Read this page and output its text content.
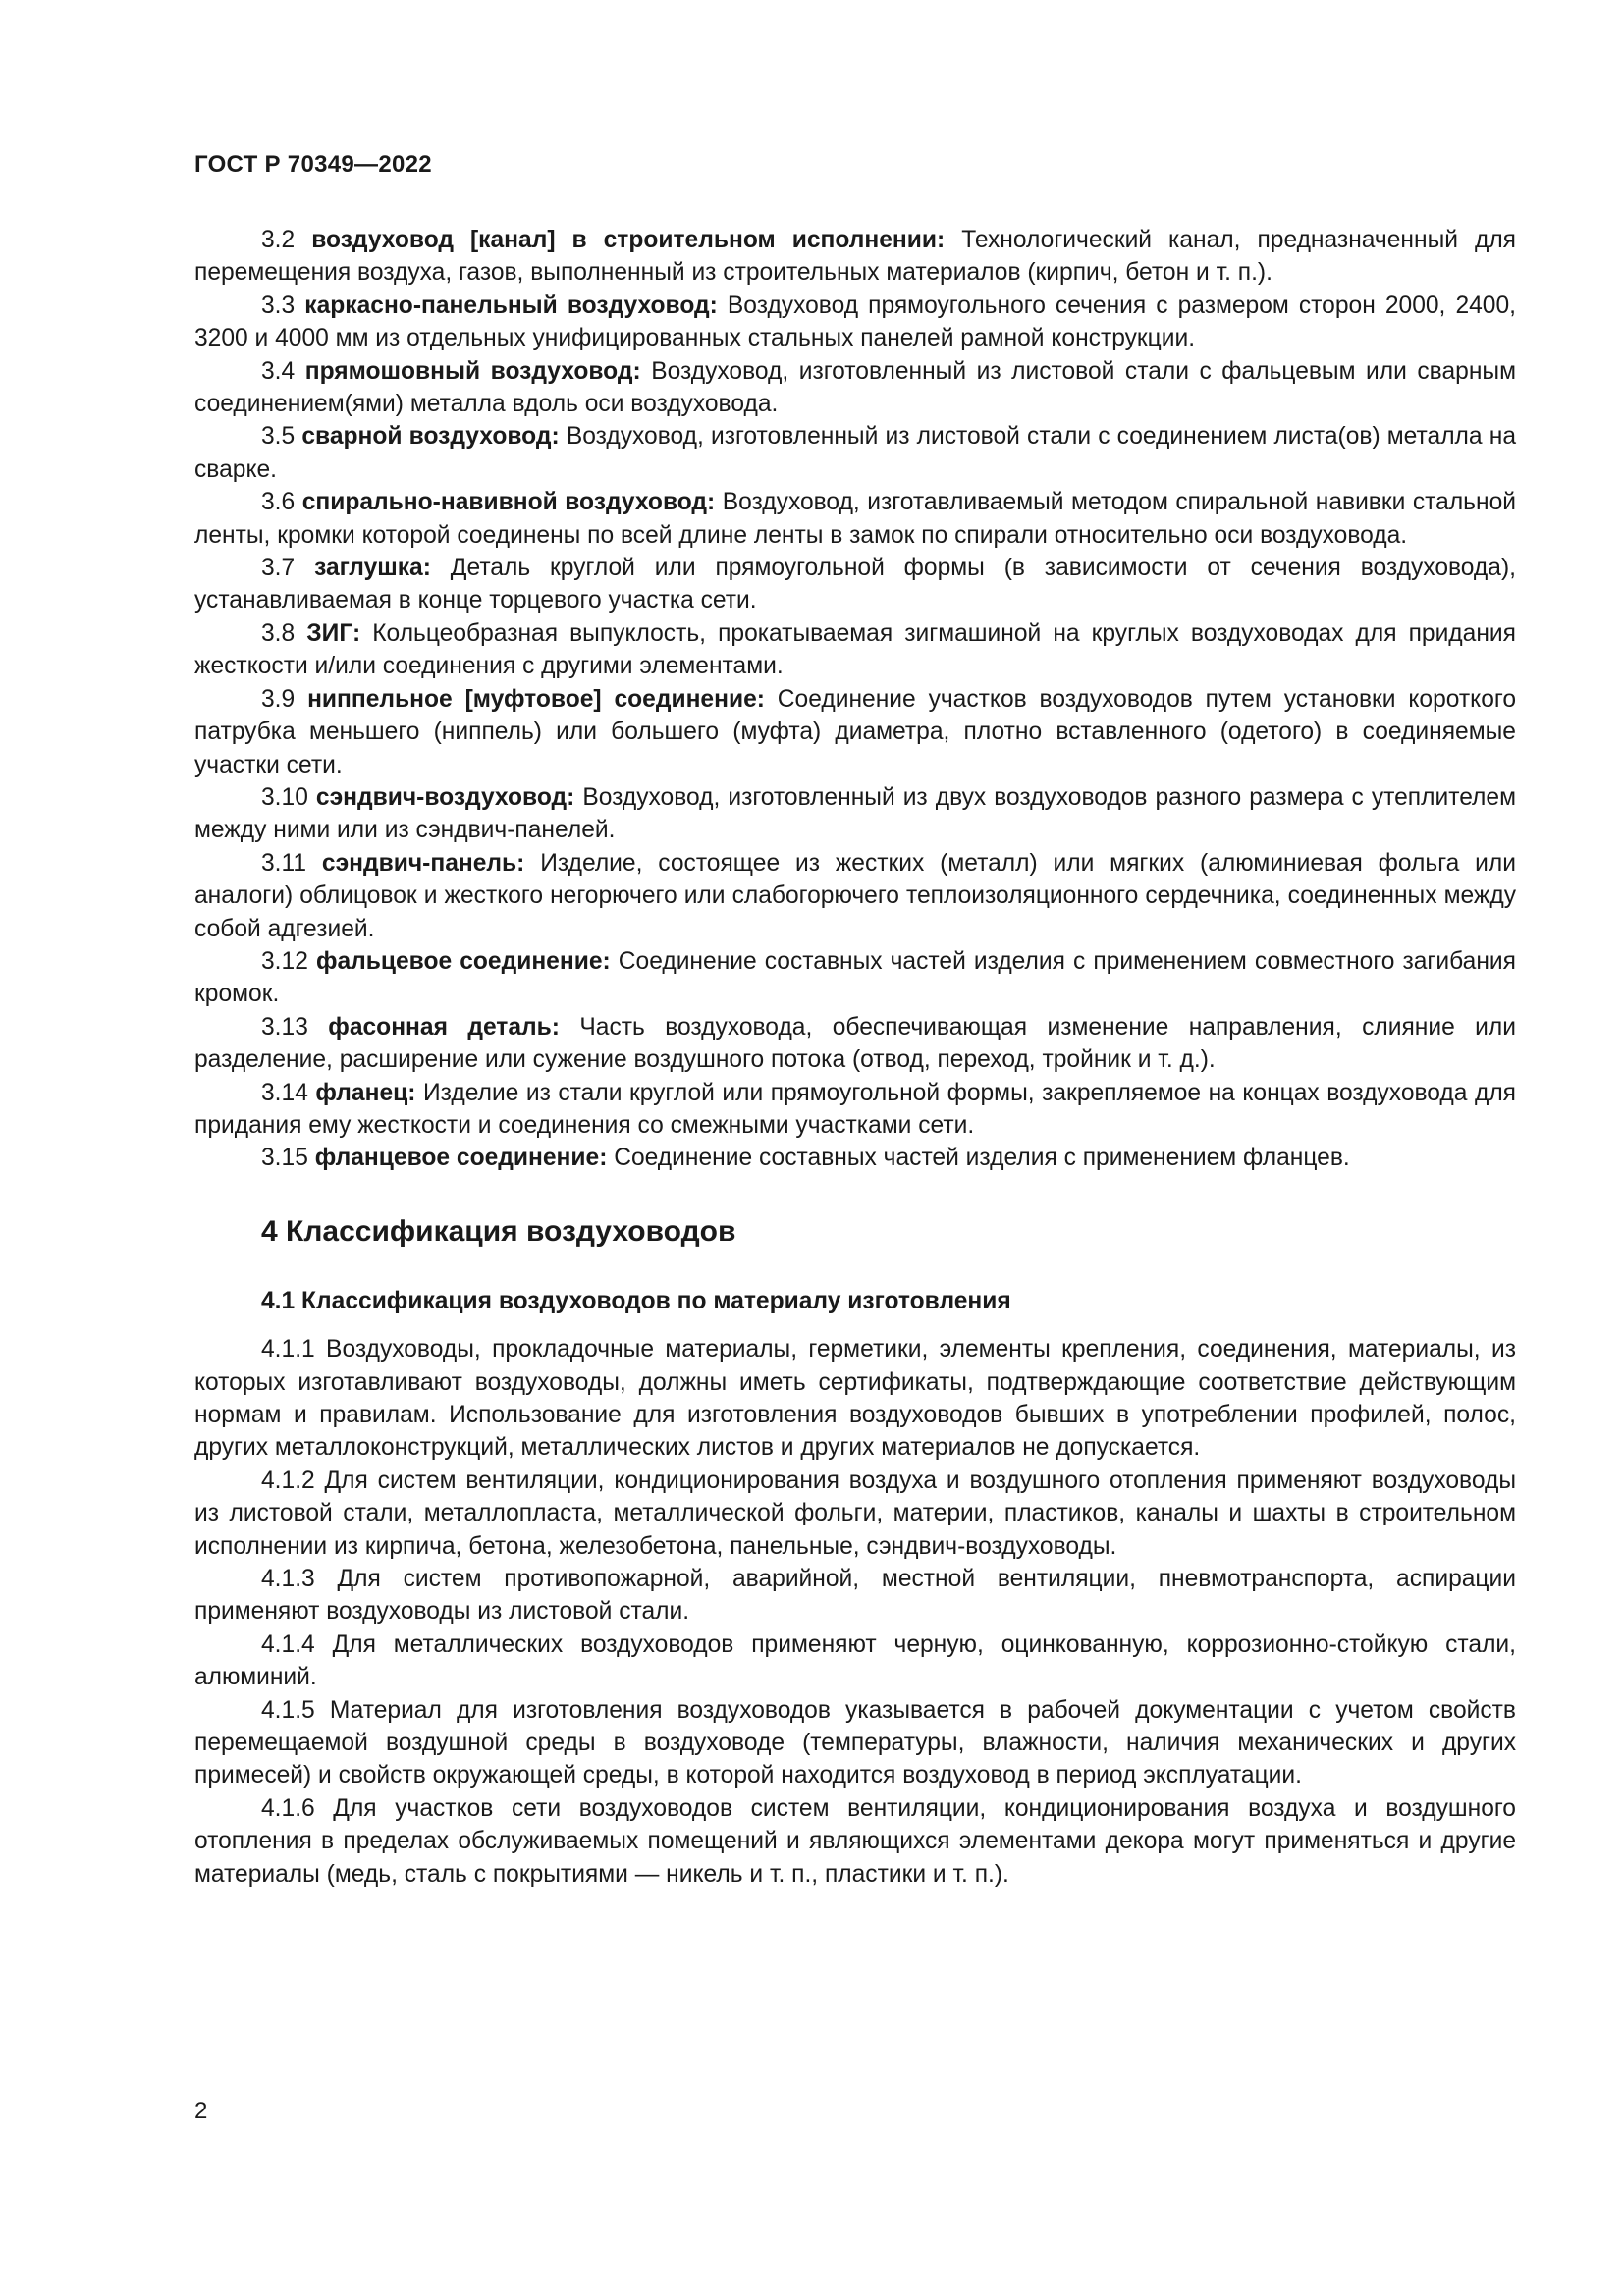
ГОСТ Р 70349—2022

3.2 воздуховод [канал] в строительном исполнении: Технологический канал, предназначенный для перемещения воздуха, газов, выполненный из строительных материалов (кирпич, бетон и т. п.).

3.3 каркасно-панельный воздуховод: Воздуховод прямоугольного сечения с размером сторон 2000, 2400, 3200 и 4000 мм из отдельных унифицированных стальных панелей рамной конструкции.

3.4 прямошовный воздуховод: Воздуховод, изготовленный из листовой стали с фальцевым или сварным соединением(ями) металла вдоль оси воздуховода.

3.5 сварной воздуховод: Воздуховод, изготовленный из листовой стали с соединением листа(ов) металла на сварке.

3.6 спирально-навивной воздуховод: Воздуховод, изготавливаемый методом спиральной навивки стальной ленты, кромки которой соединены по всей длине ленты в замок по спирали относительно оси воздуховода.

3.7 заглушка: Деталь круглой или прямоугольной формы (в зависимости от сечения воздуховода), устанавливаемая в конце торцевого участка сети.

3.8 ЗИГ: Кольцеобразная выпуклость, прокатываемая зигмашиной на круглых воздуховодах для придания жесткости и/или соединения с другими элементами.

3.9 ниппельное [муфтовое] соединение: Соединение участков воздуховодов путем установки короткого патрубка меньшего (ниппель) или большего (муфта) диаметра, плотно вставленного (одетого) в соединяемые участки сети.

3.10 сэндвич-воздуховод: Воздуховод, изготовленный из двух воздуховодов разного размера с утеплителем между ними или из сэндвич-панелей.

3.11 сэндвич-панель: Изделие, состоящее из жестких (металл) или мягких (алюминиевая фольга или аналоги) облицовок и жесткого негорючего или слабогорючего теплоизоляционного сердечника, соединенных между собой адгезией.

3.12 фальцевое соединение: Соединение составных частей изделия с применением совместного загибания кромок.

3.13 фасонная деталь: Часть воздуховода, обеспечивающая изменение направления, слияние или разделение, расширение или сужение воздушного потока (отвод, переход, тройник и т. д.).

3.14 фланец: Изделие из стали круглой или прямоугольной формы, закрепляемое на концах воздуховода для придания ему жесткости и соединения со смежными участками сети.

3.15 фланцевое соединение: Соединение составных частей изделия с применением фланцев.

4 Классификация воздуховодов
4.1 Классификация воздуховодов по материалу изготовления

4.1.1 Воздуховоды, прокладочные материалы, герметики, элементы крепления, соединения, материалы, из которых изготавливают воздуховоды, должны иметь сертификаты, подтверждающие соответствие действующим нормам и правилам. Использование для изготовления воздуховодов бывших в употреблении профилей, полос, других металлоконструкций, металлических листов и других материалов не допускается.

4.1.2 Для систем вентиляции, кондиционирования воздуха и воздушного отопления применяют воздуховоды из листовой стали, металлопласта, металлической фольги, материи, пластиков, каналы и шахты в строительном исполнении из кирпича, бетона, железобетона, панельные, сэндвич-воздуховоды.

4.1.3 Для систем противопожарной, аварийной, местной вентиляции, пневмотранспорта, аспирации применяют воздуховоды из листовой стали.

4.1.4 Для металлических воздуховодов применяют черную, оцинкованную, коррозионно-стойкую стали, алюминий.

4.1.5 Материал для изготовления воздуховодов указывается в рабочей документации с учетом свойств перемещаемой воздушной среды в воздуховоде (температуры, влажности, наличия механических и других примесей) и свойств окружающей среды, в которой находится воздуховод в период эксплуатации.

4.1.6 Для участков сети воздуховодов систем вентиляции, кондиционирования воздуха и воздушного отопления в пределах обслуживаемых помещений и являющихся элементами декора могут применяться и другие материалы (медь, сталь с покрытиями — никель и т. п., пластики и т. п.).

2
